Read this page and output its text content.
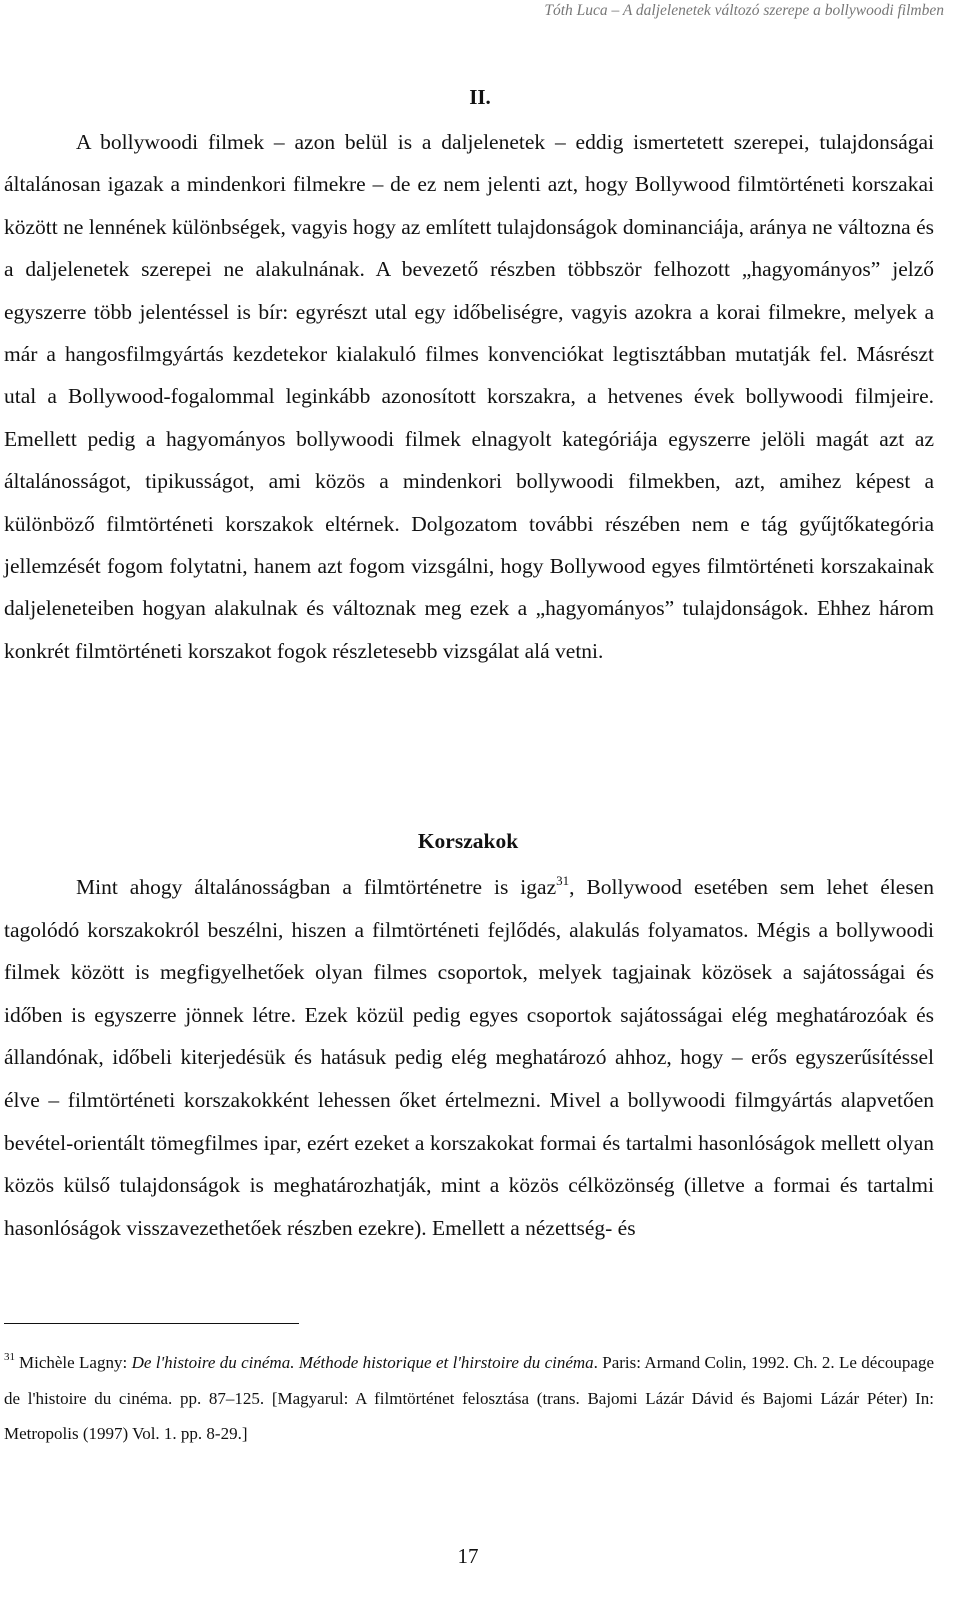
Tóth Luca – A daljelenetek változó szerepe a bollywoodi filmben
II.

A bollywoodi filmek – azon belül is a daljelenetek – eddig ismertetett szerepei, tulajdonságai általánosan igazak a mindenkori filmekre – de ez nem jelenti azt, hogy Bollywood filmtörténeti korszakai között ne lennének különbségek, vagyis hogy az említett tulajdonságok dominanciája, aránya ne változna és a daljelenetek szerepei ne alakulnának. A bevezető részben többször felhozott „hagyományos” jelző egyszerre több jelentéssel is bír: egyrészt utal egy időbeliségre, vagyis azokra a korai filmekre, melyek a már a hangosfilmgyártás kezdetekor kialakuló filmes konvenciókat legtisztábban mutatják fel. Másrészt utal a Bollywood-fogalommal leginkább azonosított korszakra, a hetvenes évek bollywoodi filmjeire. Emellett pedig a hagyományos bollywoodi filmek elnagyolt kategóriája egyszerre jelöli magát azt az általánosságot, tipikusságot, ami közös a mindenkori bollywoodi filmekben, azt, amihez képest a különböző filmtörténeti korszakok eltérnek. Dolgozatom további részében nem e tág gyűjtőkategória jellemzését fogom folytatni, hanem azt fogom vizsgálni, hogy Bollywood egyes filmtörténeti korszakainak daljeleneteiben hogyan alakulnak és változnak meg ezek a „hagyományos” tulajdonságok. Ehhez három konkrét filmtörténeti korszakot fogok részletesebb vizsgálat alá vetni.

Korszakok

Mint ahogy általánosságban a filmtörténetre is igaz$^{31}$, Bollywood esetében sem lehet élesen tagolódó korszakokról beszélni, hiszen a filmtörténeti fejlődés, alakulás folyamatos. Mégis a bollywoodi filmek között is megfigyelhetőek olyan filmes csoportok, melyek tagjainak közösek a sajátosságai és időben is egyszerre jönnek létre. Ezek közül pedig egyes csoportok sajátosságai elég meghatározóak és állandónak, időbeli kiterjedésük és hatásuk pedig elég meghatározó ahhoz, hogy – erős egyszerűsítéssel élve – filmtörténeti korszakokként lehessen őket értelmezni. Mivel a bollywoodi filmgyártás alapvetően bevétel-orientált tömegfilmes ipar, ezért ezeket a korszakokat formai és tartalmi hasonlóságok mellett olyan közös külső tulajdonságok is meghatározhatják, mint a közös célközönség (illetve a formai és tartalmi hasonlóságok visszavezethetőek részben ezekre). Emellett a nézettség- és

$^{31}$ Michèle Lagny: De l'histoire du cinéma. Méthode historique et l'hirstoire du cinéma. Paris: Armand Colin, 1992. Ch. 2. Le découpage de l'histoire du cinéma. pp. 87–125. [Magyarul: A filmtörténet felosztása (trans. Bajomi Lázár Dávid és Bajomi Lázár Péter) In: Metropolis (1997) Vol. 1. pp. 8-29.]

17
